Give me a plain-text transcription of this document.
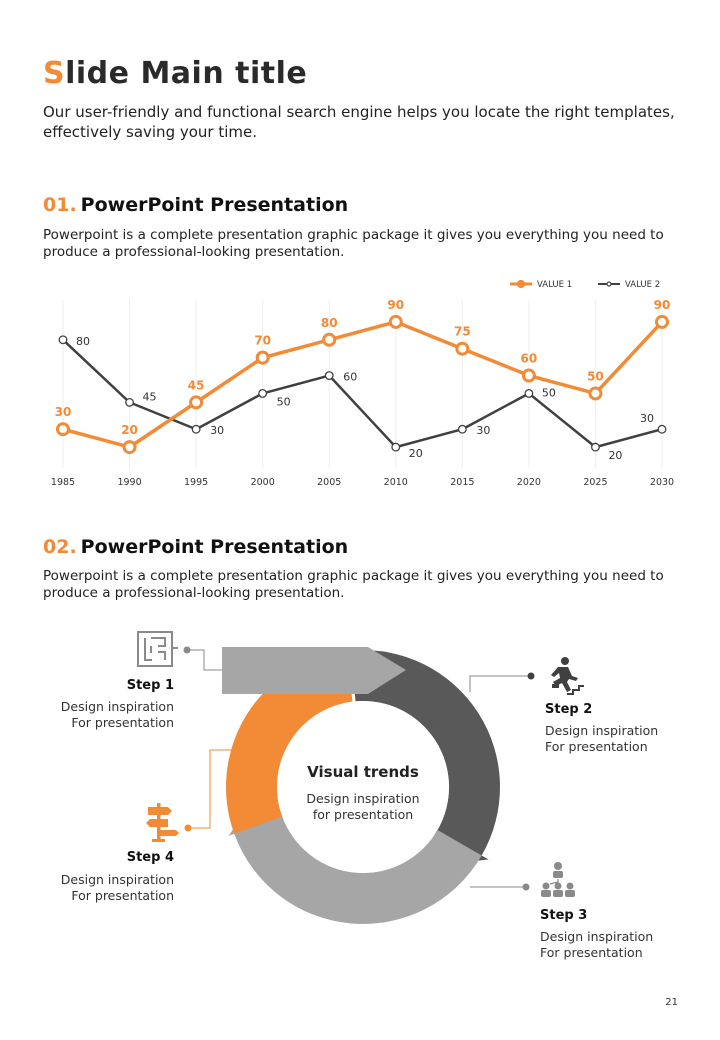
Slide Main title
Our user-friendly and functional search engine helps you locate the right templates, effectively saving your time.
01. PowerPoint Presentation
Powerpoint is a complete presentation graphic package it gives you everything you need to produce a professional-looking presentation.
1985	1990	1995	2000	2005	2010	2015	2020	2025	2030
VALUE 1	VALUE 2
30
20
45
70
80
90
75
60
50
90
80
45
30
50
60
20
30
50
20
30
02. PowerPoint Presentation
Powerpoint is a complete presentation graphic package it gives you everything you need to produce a professional-looking presentation.
Visual trends
Design inspiration
for presentation
Step 1
Design inspiration
For presentation
Step 2
Design inspiration
For presentation
Step 3
Design inspiration
For presentation
Step 4
Design inspiration
For presentation
21
